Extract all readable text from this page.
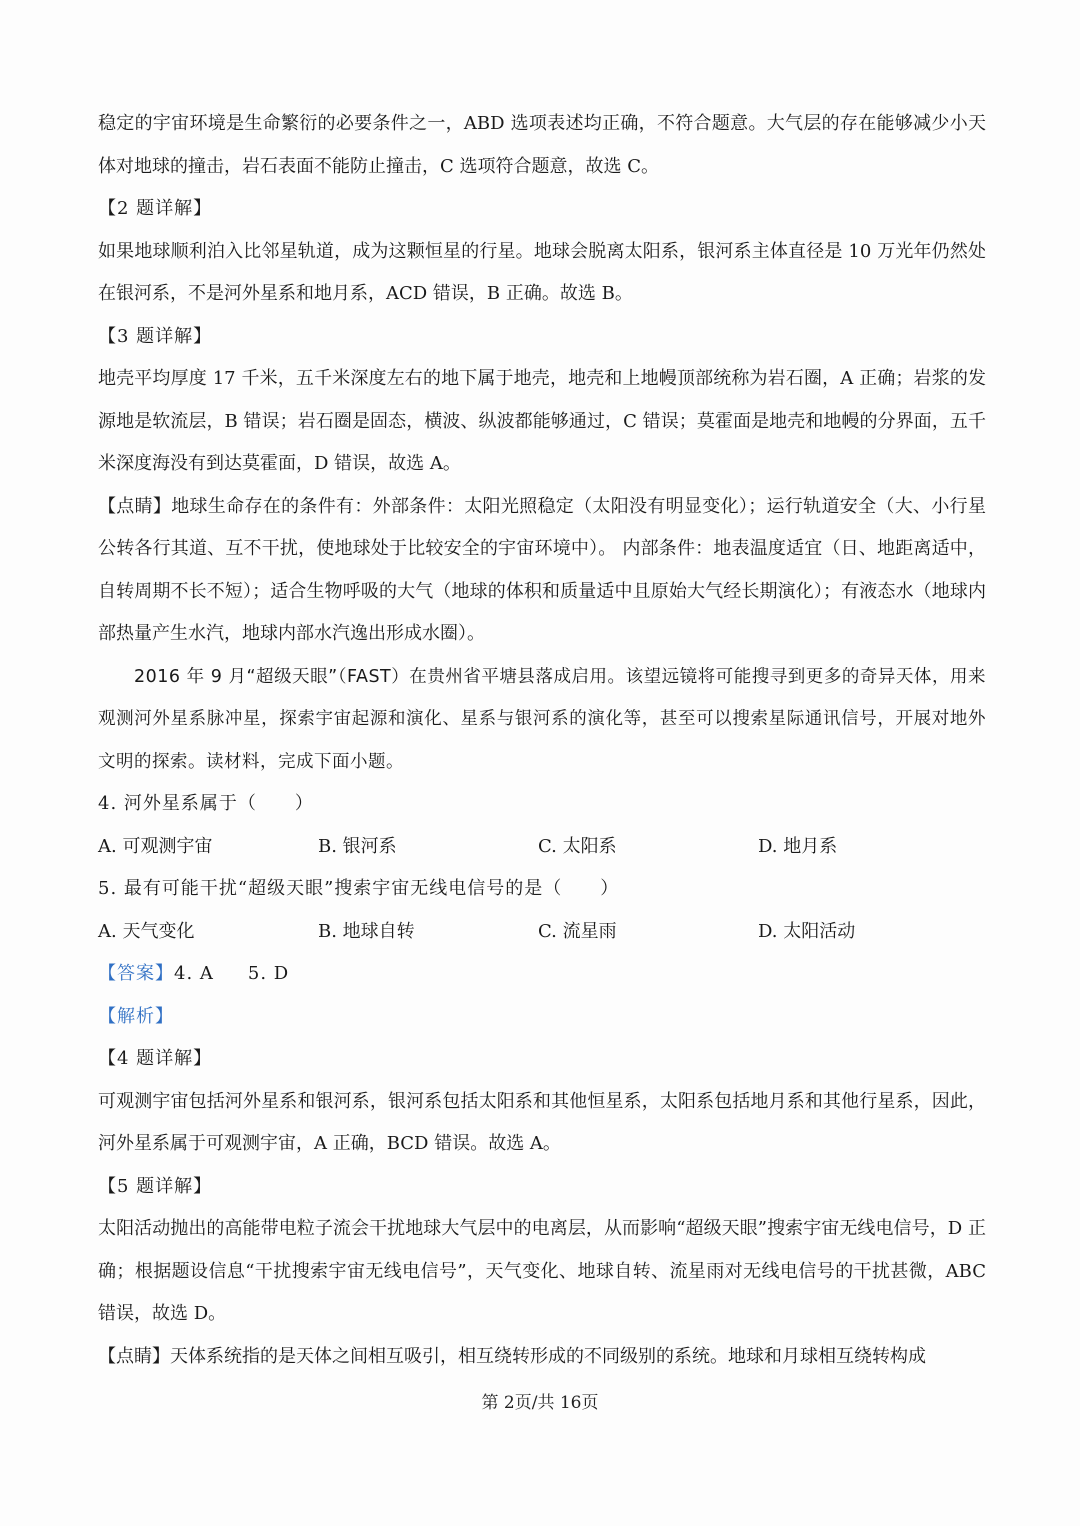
稳定的宇宙环境是生命繁衍的必要条件之一，ABD 选项表述均正确，不符合题意。大气层的存在能够减少小天体对地球的撞击，岩石表面不能防止撞击，C 选项符合题意，故选 C。

【2 题详解】

如果地球顺利泊入比邻星轨道，成为这颗恒星的行星。地球会脱离太阳系，银河系主体直径是 10 万光年仍然处在银河系，不是河外星系和地月系，ACD 错误，B 正确。故选 B。

【3 题详解】

地壳平均厚度 17 千米，五千米深度左右的地下属于地壳，地壳和上地幔顶部统称为岩石圈，A 正确；岩浆的发源地是软流层，B 错误；岩石圈是固态，横波、纵波都能够通过，C 错误；莫霍面是地壳和地幔的分界面，五千米深度海没有到达莫霍面，D 错误，故选 A。

【点睛】地球生命存在的条件有：外部条件：太阳光照稳定（太阳没有明显变化）；运行轨道安全（大、小行星公转各行其道、互不干扰，使地球处于比较安全的宇宙环境中）。 内部条件：地表温度适宜（日、地距离适中，自转周期不长不短）；适合生物呼吸的大气（地球的体积和质量适中且原始大气经长期演化）；有液态水（地球内部热量产生水汽，地球内部水汽逸出形成水圈）。

2016 年 9 月“超级天眼”（FAST）在贵州省平塘县落成启用。该望远镜将可能搜寻到更多的奇异天体，用来观测河外星系脉冲星，探索宇宙起源和演化、星系与银河系的演化等，甚至可以搜索星际通讯信号，开展对地外文明的探索。读材料，完成下面小题。

4. 河外星系属于（　　）

A. 可观测宇宙	B. 银河系	C. 太阳系	D. 地月系

5. 最有可能干扰“超级天眼”搜索宇宙无线电信号的是（　　）

A. 天气变化	B. 地球自转	C. 流星雨	D. 太阳活动

【答案】4. A 5. D

【解析】

【4 题详解】

可观测宇宙包括河外星系和银河系，银河系包括太阳系和其他恒星系，太阳系包括地月系和其他行星系，因此，河外星系属于可观测宇宙，A 正确，BCD 错误。故选 A。

【5 题详解】

太阳活动抛出的高能带电粒子流会干扰地球大气层中的电离层，从而影响“超级天眼”搜索宇宙无线电信号，D 正确；根据题设信息“干扰搜索宇宙无线电信号”，天气变化、地球自转、流星雨对无线电信号的干扰甚微，ABC 错误，故选 D。

【点睛】天体系统指的是天体之间相互吸引，相互绕转形成的不同级别的系统。地球和月球相互绕转构成

第 2页/共 16页
